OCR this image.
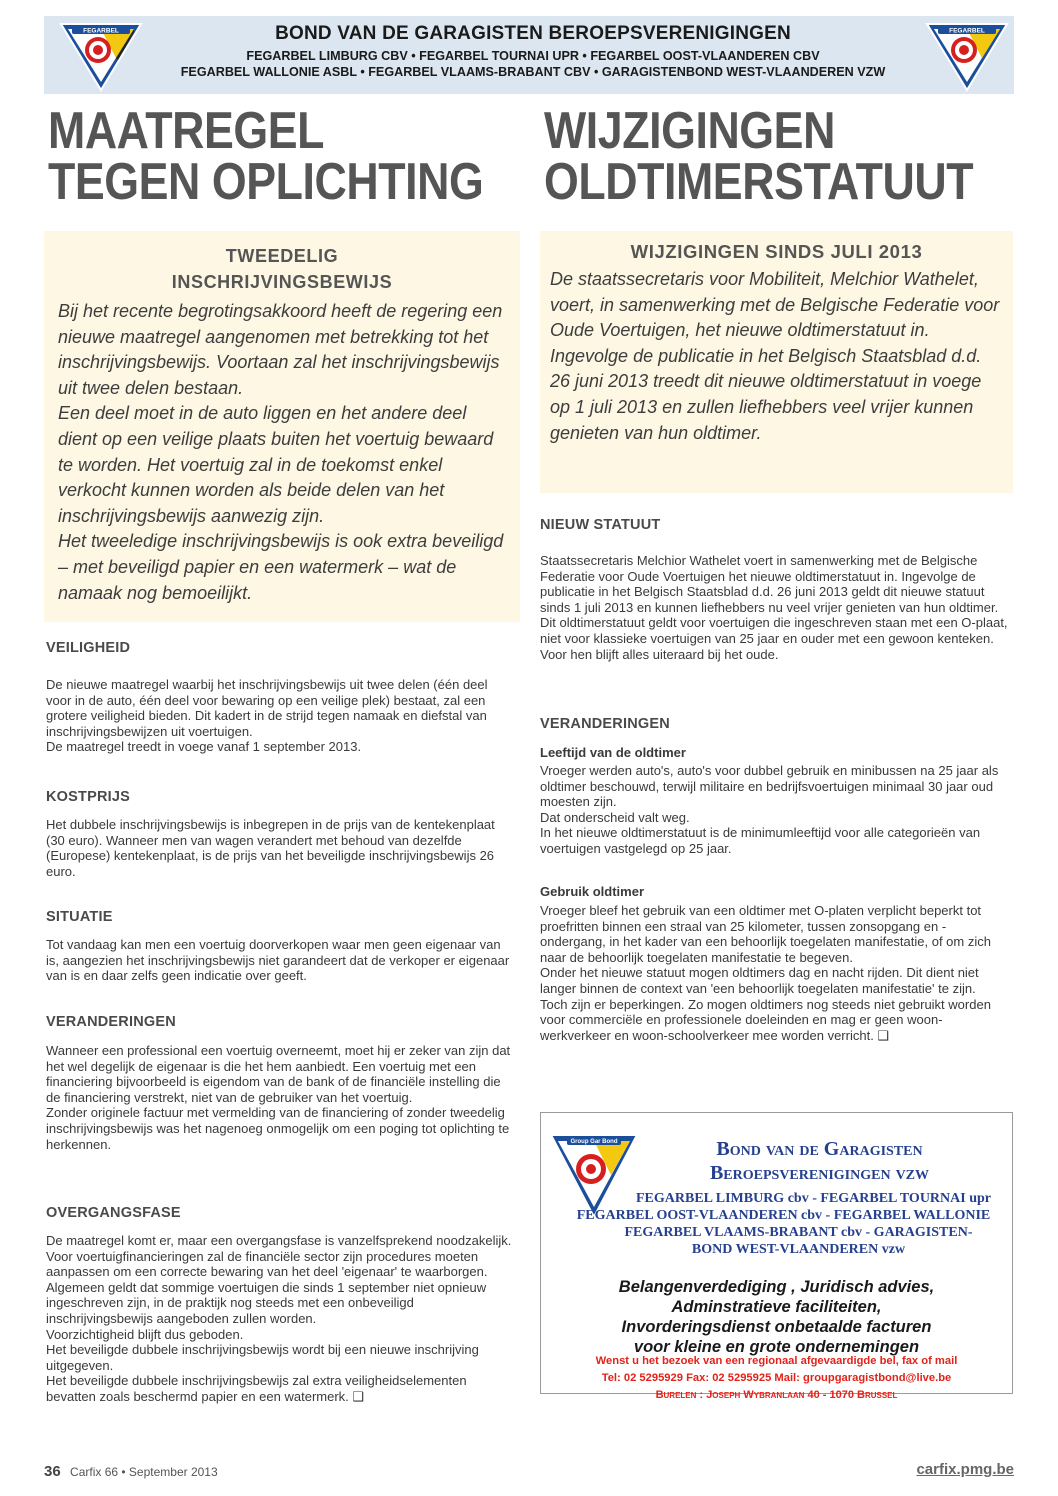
FEGARBEL	BOND VAN DE GARAGISTEN BEROEPSVERENIGINGEN
FEGARBEL LIMBURG CBV • FEGARBEL TOURNAI UPR • FEGARBEL OOST-VLAANDEREN CBV
FEGARBEL WALLONIE ASBL • FEGARBEL VLAAMS-BRABANT CBV • GARAGISTENBOND WEST-VLAANDEREN VZW
FEGARBEL
MAATREGEL
TEGEN OPLICHTING
WIJZIGINGEN
OLDTIMERSTATUUT
TWEEDELIG
INSCHRIJVINGSBEWIJS

Bij het recente begrotingsakkoord heeft de regering een nieuwe maatregel aangenomen met betrekking tot het inschrijvingsbewijs. Voortaan zal het inschrijvingsbewijs uit twee delen bestaan.
Een deel moet in de auto liggen en het andere deel dient op een veilige plaats buiten het voertuig bewaard te worden. Het voertuig zal in de toekomst enkel verkocht kunnen worden als beide delen van het inschrijvingsbewijs aanwezig zijn.
Het tweeledige inschrijvingsbewijs is ook extra beveiligd – met beveiligd papier en een watermerk – wat de namaak nog bemoeilijkt.

WIJZIGINGEN SINDS JULI 2013

De staatssecretaris voor Mobiliteit, Melchior Wathelet, voert, in samenwerking met de Belgische Federatie voor Oude Voertuigen, het nieuwe oldtimerstatuut in. Ingevolge de publicatie in het Belgisch Staatsblad d.d. 26 juni 2013 treedt dit nieuwe oldtimerstatuut in voege op 1 juli 2013 en zullen liefhebbers veel vrijer kunnen genieten van hun oldtimer.

VEILIGHEID
De nieuwe maatregel waarbij het inschrijvingsbewijs uit twee delen (één deel voor in de auto, één deel voor bewaring op een veilige plek) bestaat, zal een grotere veiligheid bieden. Dit kadert in de strijd tegen namaak en diefstal van inschrijvingsbewijzen uit voertuigen.
De maatregel treedt in voege vanaf 1 september 2013.
KOSTPRIJS
Het dubbele inschrijvingsbewijs is inbegrepen in de prijs van de kentekenplaat (30 euro). Wanneer men van wagen verandert met behoud van dezelfde (Europese) kentekenplaat, is de prijs van het beveiligde inschrijvingsbewijs 26 euro.
SITUATIE
Tot vandaag kan men een voertuig doorverkopen waar men geen eigenaar van is, aangezien het inschrijvingsbewijs niet garandeert dat de verkoper er eigenaar van is en daar zelfs geen indicatie over geeft.
VERANDERINGEN
Wanneer een professional een voertuig overneemt, moet hij er zeker van zijn dat het wel degelijk de eigenaar is die het hem aanbiedt. Een voertuig met een financiering bijvoorbeeld is eigendom van de bank of de financiële instelling die de financiering verstrekt, niet van de gebruiker van het voertuig.
Zonder originele factuur met vermelding van de financiering of zonder tweedelig inschrijvingsbewijs was het nagenoeg onmogelijk om een poging tot oplichting te herkennen.
OVERGANGSFASE
De maatregel komt er, maar een overgangsfase is vanzelfsprekend noodzakelijk. Voor voertuigfinancieringen zal de financiële sector zijn procedures moeten aanpassen om een correcte bewaring van het deel 'eigenaar' te waarborgen.
Algemeen geldt dat sommige voertuigen die sinds 1 september niet opnieuw ingeschreven zijn, in de praktijk nog steeds met een onbeveiligd inschrijvingsbewijs aangeboden zullen worden.
Voorzichtigheid blijft dus geboden.
Het beveiligde dubbele inschrijvingsbewijs wordt bij een nieuwe inschrijving uitgegeven.
Het beveiligde dubbele inschrijvingsbewijs zal extra veiligheidselementen bevatten zoals beschermd papier en een watermerk. ❑
NIEUW STATUUT
Staatssecretaris Melchior Wathelet voert in samenwerking met de Belgische Federatie voor Oude Voertuigen het nieuwe oldtimerstatuut in. Ingevolge de publicatie in het Belgisch Staatsblad d.d. 26 juni 2013 geldt dit nieuwe statuut sinds 1 juli 2013 en kunnen liefhebbers nu veel vrijer genieten van hun oldtimer.
Dit oldtimerstatuut geldt voor voertuigen die ingeschreven staan met een O-plaat, niet voor klassieke voertuigen van 25 jaar en ouder met een gewoon kenteken. Voor hen blijft alles uiteraard bij het oude.
VERANDERINGEN
Leeftijd van de oldtimer
Vroeger werden auto's, auto's voor dubbel gebruik en minibussen na 25 jaar als oldtimer beschouwd, terwijl militaire en bedrijfsvoertuigen minimaal 30 jaar oud moesten zijn.
Dat onderscheid valt weg.
In het nieuwe oldtimerstatuut is de minimumleeftijd voor alle categorieën van voertuigen vastgelegd op 25 jaar.
Gebruik oldtimer
Vroeger bleef het gebruik van een oldtimer met O-platen verplicht beperkt tot proefritten binnen een straal van 25 kilometer, tussen zonsopgang en -ondergang, in het kader van een behoorlijk toegelaten manifestatie, of om zich naar de behoorlijk toegelaten manifestatie te begeven.
Onder het nieuwe statuut mogen oldtimers dag en nacht rijden. Dit dient niet langer binnen de context van 'een behoorlijk toegelaten manifestatie' te zijn.
Toch zijn er beperkingen. Zo mogen oldtimers nog steeds niet gebruikt worden voor commerciële en professionele doeleinden en mag er geen woon-werkverkeer en woon-schoolverkeer mee worden verricht. ❑
Group Gar Bond	Bond van de Garagisten
Beroepsverenigingen vzw
FEGARBEL LIMBURG cbv - FEGARBEL TOURNAI upr
FEGARBEL OOST-VLAANDEREN cbv - FEGARBEL WALLONIE
FEGARBEL VLAAMS-BRABANT cbv - GARAGISTEN-
BOND WEST-VLAANDEREN vzw
Belangenverdediging , Juridisch advies,
Adminstratieve faciliteiten,
Invorderingsdienst onbetaalde facturen
voor kleine en grote ondernemingen
Wenst u het bezoek van een regionaal afgevaardigde bel, fax of mail
Tel: 02 5295929 Fax: 02 5295925 Mail: groupgaragistbond@live.be
Burelen : Joseph Wybranlaan 40 - 1070 Brussel
36 Carfix 66 • September 2013	carfix.pmg.be
